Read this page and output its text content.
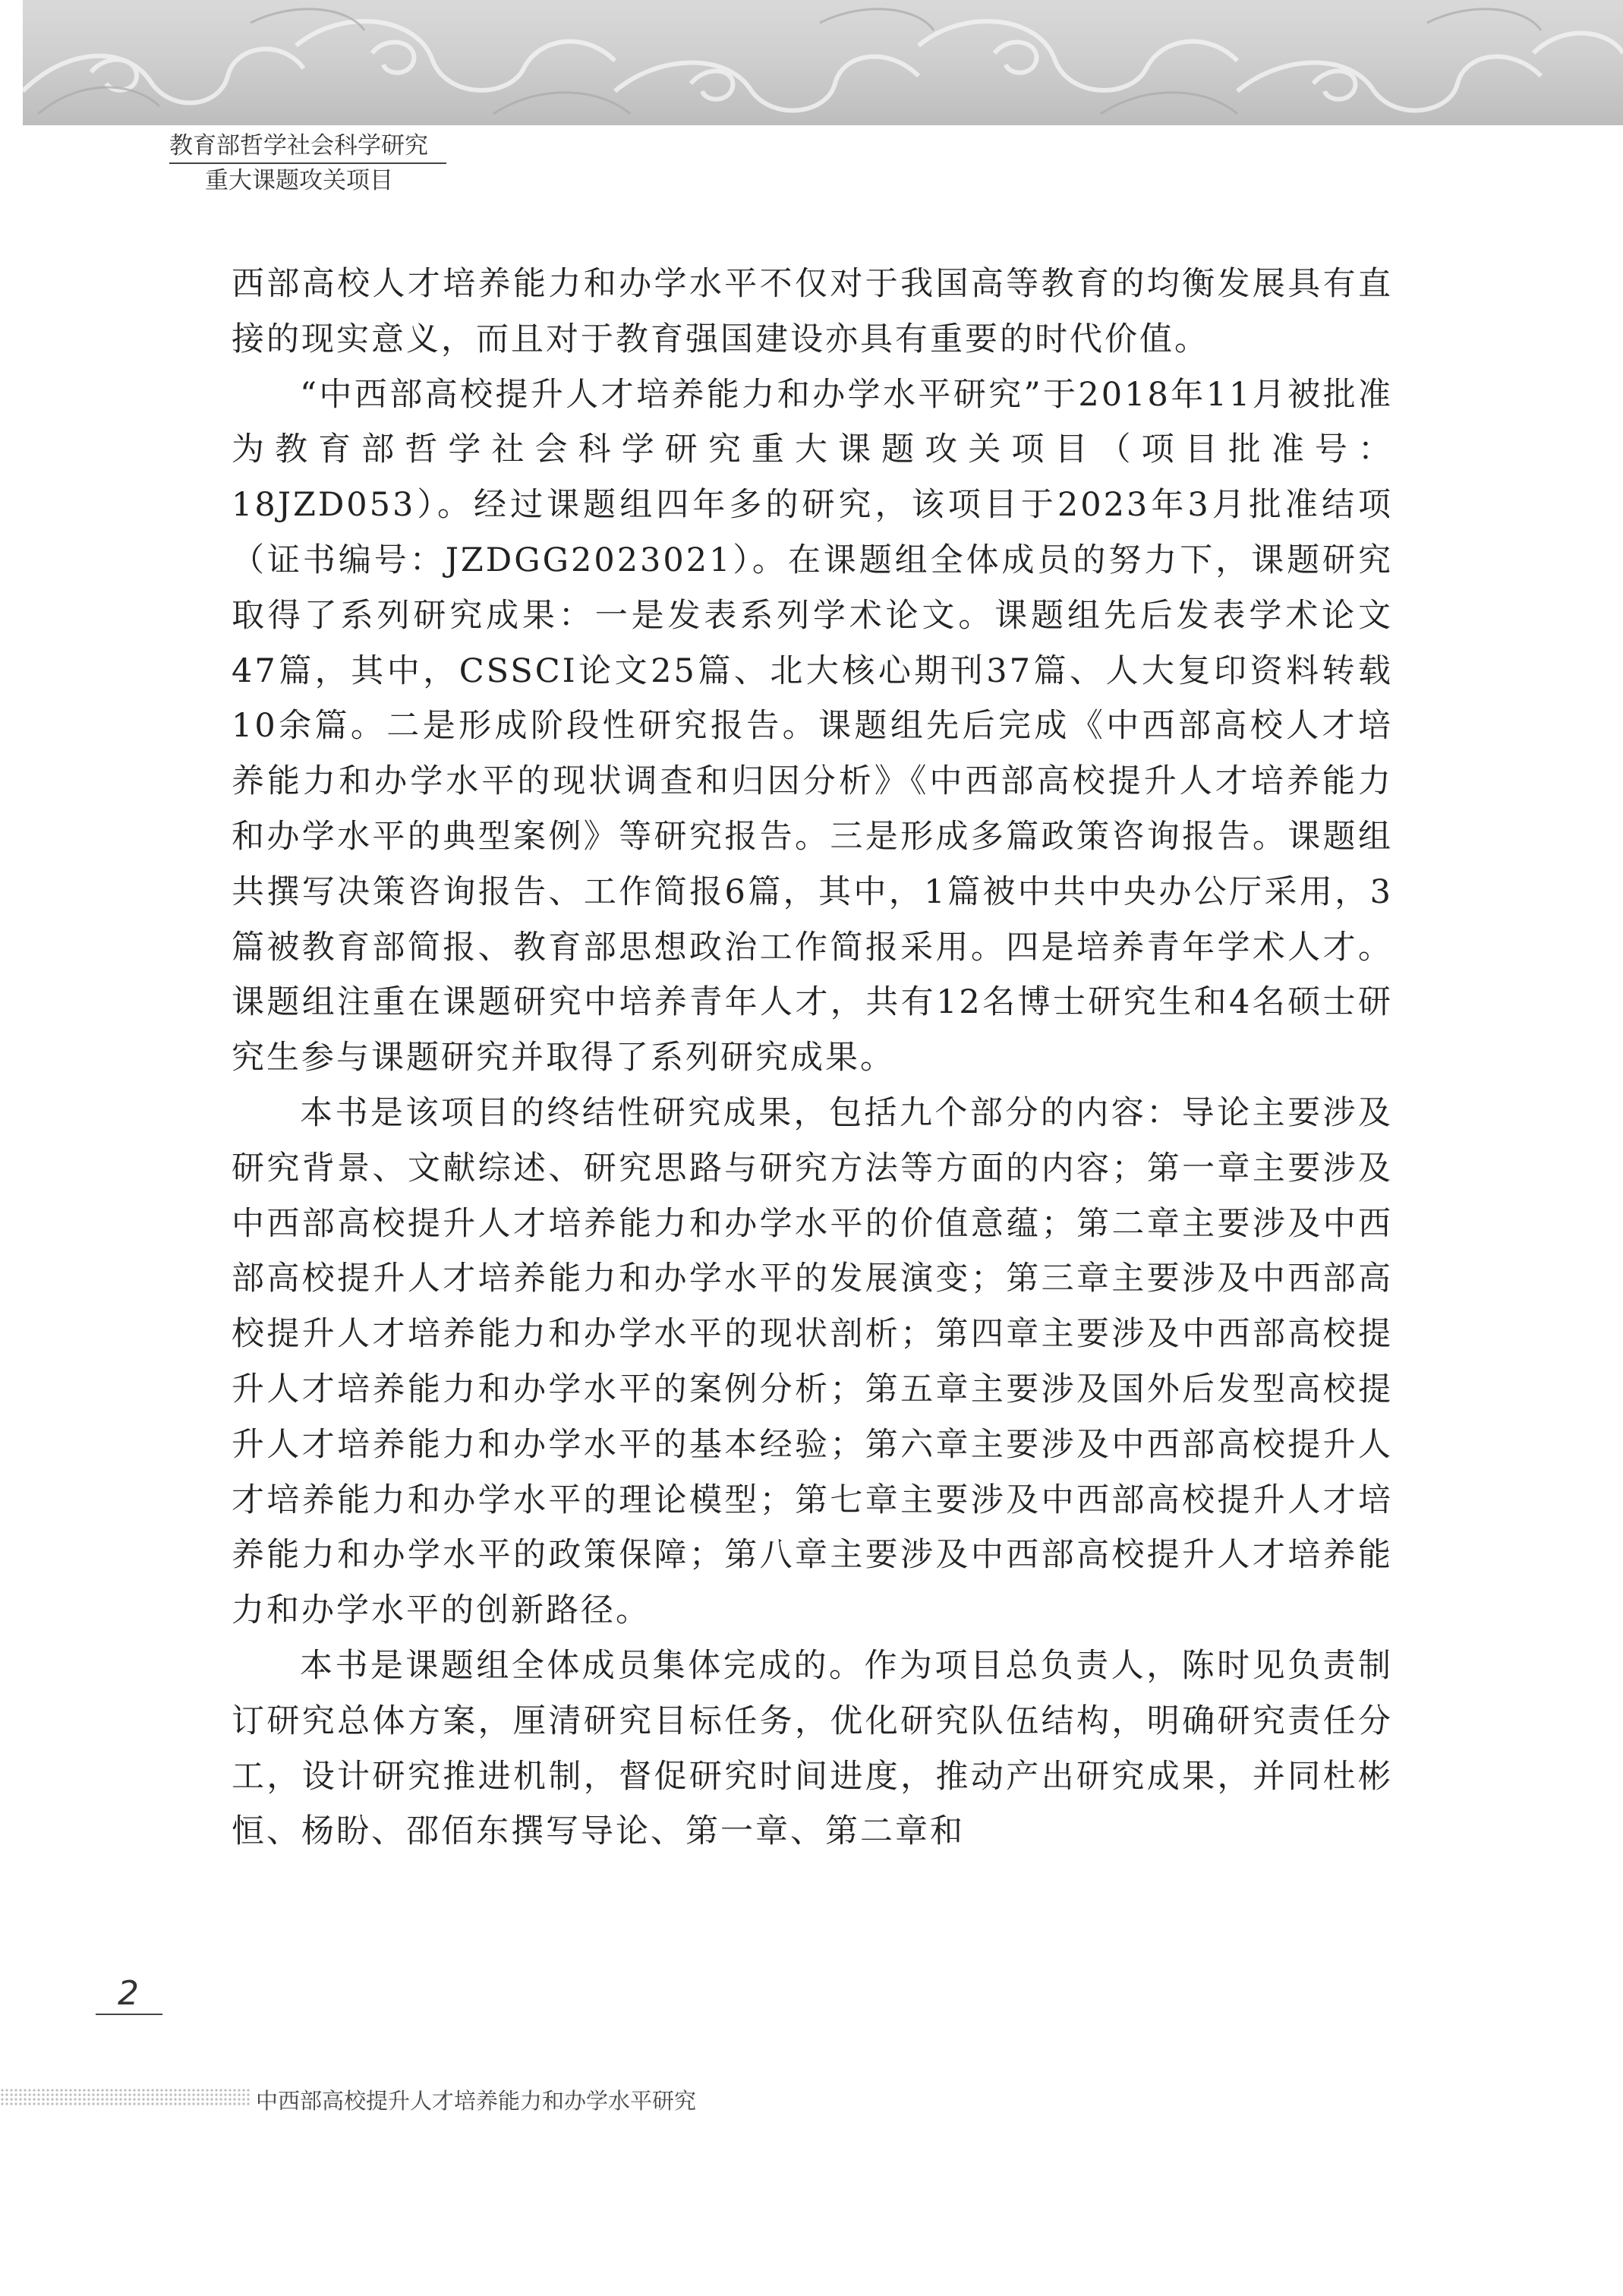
教育部哲学社会科学研究
重大课题攻关项目

西部高校人才培养能力和办学水平不仅对于我国高等教育的均衡发展具有直接的现实意义，而且对于教育强国建设亦具有重要的时代价值。

“中西部高校提升人才培养能力和办学水平研究”于2018年11月被批准为教育部哲学社会科学研究重大课题攻关项目（项目批准号：18JZD053）。经过课题组四年多的研究，该项目于2023年3月批准结项（证书编号：JZDGG2023021）。在课题组全体成员的努力下，课题研究取得了系列研究成果：一是发表系列学术论文。课题组先后发表学术论文47篇，其中，CSSCI论文25篇、北大核心期刊37篇、人大复印资料转载10余篇。二是形成阶段性研究报告。课题组先后完成《中西部高校人才培养能力和办学水平的现状调查和归因分析》《中西部高校提升人才培养能力和办学水平的典型案例》等研究报告。三是形成多篇政策咨询报告。课题组共撰写决策咨询报告、工作简报6篇，其中，1篇被中共中央办公厅采用，3篇被教育部简报、教育部思想政治工作简报采用。四是培养青年学术人才。课题组注重在课题研究中培养青年人才，共有12名博士研究生和4名硕士研究生参与课题研究并取得了系列研究成果。

本书是该项目的终结性研究成果，包括九个部分的内容：导论主要涉及研究背景、文献综述、研究思路与研究方法等方面的内容；第一章主要涉及中西部高校提升人才培养能力和办学水平的价值意蕴；第二章主要涉及中西部高校提升人才培养能力和办学水平的发展演变；第三章主要涉及中西部高校提升人才培养能力和办学水平的现状剖析；第四章主要涉及中西部高校提升人才培养能力和办学水平的案例分析；第五章主要涉及国外后发型高校提升人才培养能力和办学水平的基本经验；第六章主要涉及中西部高校提升人才培养能力和办学水平的理论模型；第七章主要涉及中西部高校提升人才培养能力和办学水平的政策保障；第八章主要涉及中西部高校提升人才培养能力和办学水平的创新路径。

本书是课题组全体成员集体完成的。作为项目总负责人，陈时见负责制订研究总体方案，厘清研究目标任务，优化研究队伍结构，明确研究责任分工，设计研究推进机制，督促研究时间进度，推动产出研究成果，并同杜彬恒、杨盼、邵佰东撰写导论、第一章、第二章和

2
中西部高校提升人才培养能力和办学水平研究
